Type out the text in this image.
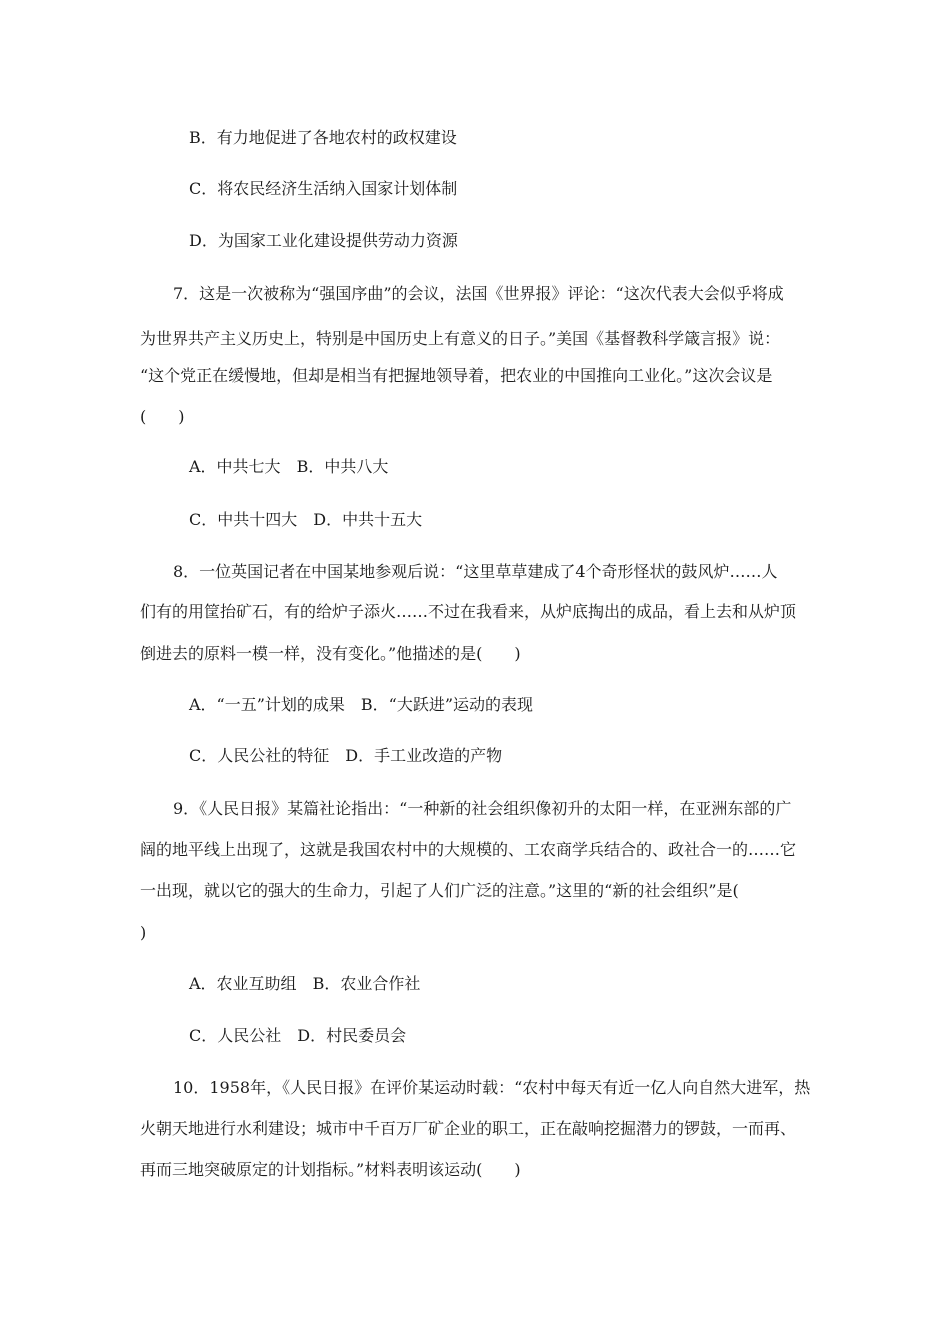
B．有力地促进了各地农村的政权建设
C．将农民经济生活纳入国家计划体制
D．为国家工业化建设提供劳动力资源
7．这是一次被称为“强国序曲”的会议，法国《世界报》评论：“这次代表大会似乎将成
为世界共产主义历史上，特别是中国历史上有意义的日子。”美国《基督教科学箴言报》说：
“这个党正在缓慢地，但却是相当有把握地领导着，把农业的中国推向工业化。”这次会议是
(　　)
A．中共七大 B．中共八大
C．中共十四大 D．中共十五大
8．一位英国记者在中国某地参观后说：“这里草草建成了4个奇形怪状的鼓风炉……人
们有的用筐抬矿石，有的给炉子添火……不过在我看来，从炉底掏出的成品，看上去和从炉顶
倒进去的原料一模一样，没有变化。”他描述的是(　　)
A．“一五”计划的成果 B．“大跃进”运动的表现
C．人民公社的特征 D．手工业改造的产物
9．《人民日报》某篇社论指出：“一种新的社会组织像初升的太阳一样，在亚洲东部的广
阔的地平线上出现了，这就是我国农村中的大规模的、工农商学兵结合的、政社合一的……它
一出现，就以它的强大的生命力，引起了人们广泛的注意。”这里的“新的社会组织”是(
)
A．农业互助组 B．农业合作社
C．人民公社 D．村民委员会
10．1958年，《人民日报》在评价某运动时载：“农村中每天有近一亿人向自然大进军，热
火朝天地进行水利建设；城市中千百万厂矿企业的职工，正在敲响挖掘潜力的锣鼓，一而再、
再而三地突破原定的计划指标。”材料表明该运动(　　)
